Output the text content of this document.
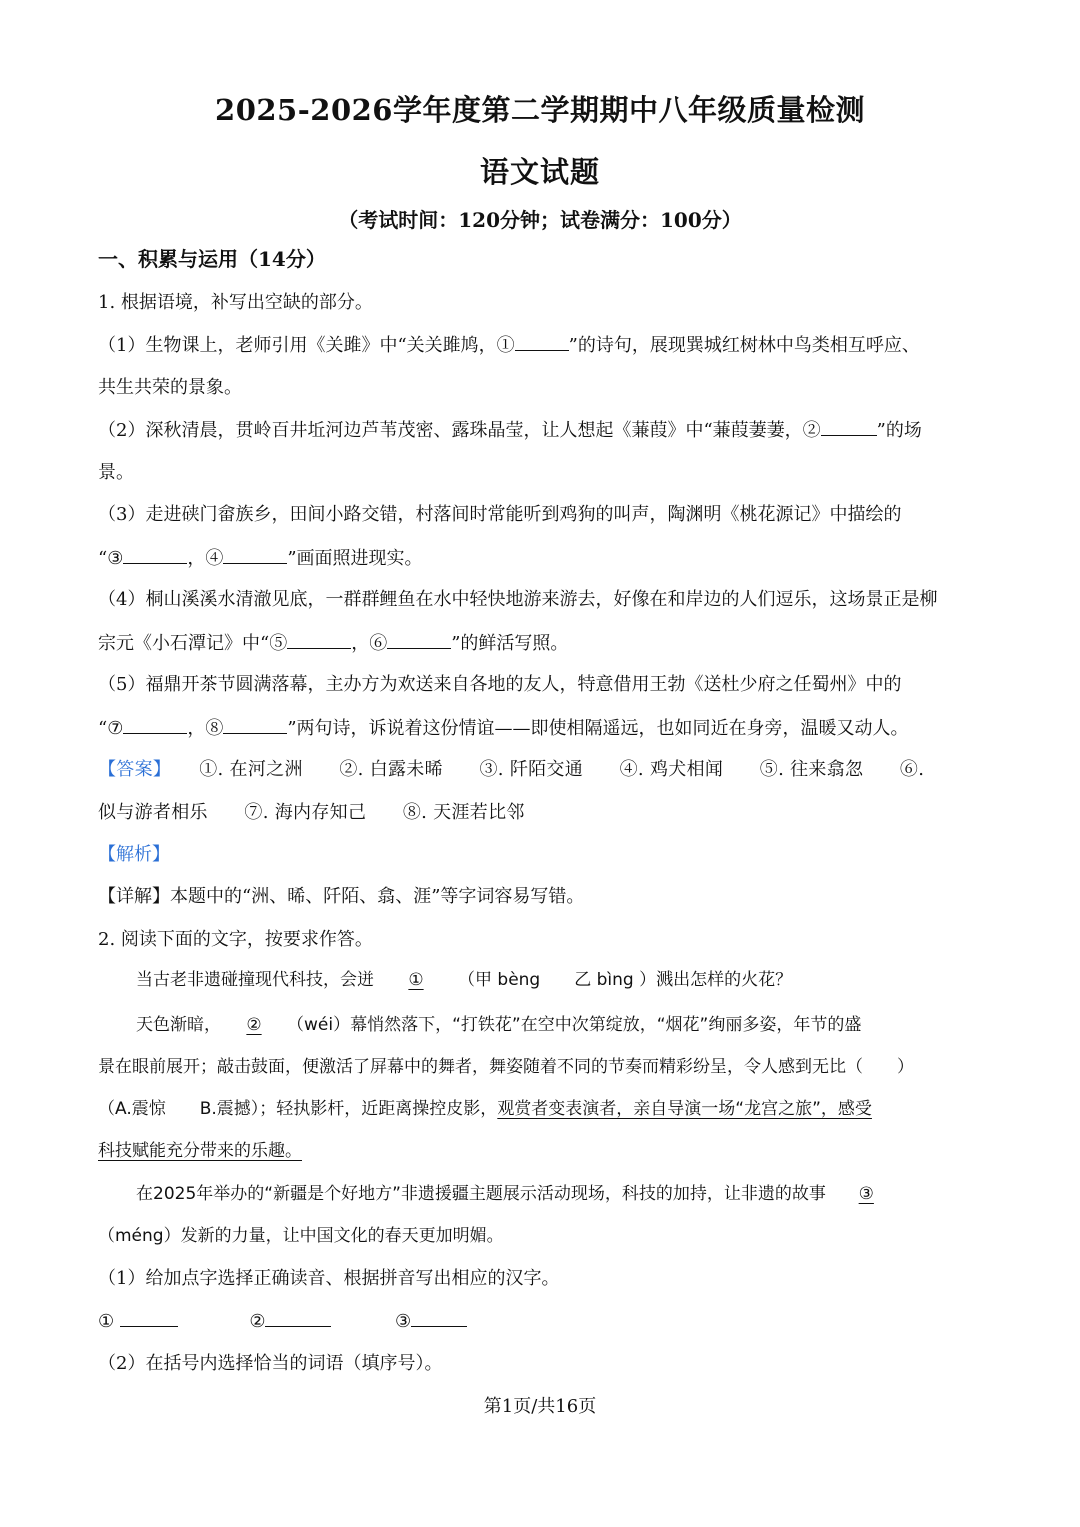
2025-2026学年度第二学期期中八年级质量检测
语文试题
（考试时间：120分钟；试卷满分：100分）
一、积累与运用（14分）
1. 根据语境，补写出空缺的部分。
（1）生物课上，老师引用《关雎》中“关关雎鸠，①	”的诗句，展现巽城红树林中鸟类相互呼应、
共生共荣的景象。
（2）深秋清晨，贯岭百井坵河边芦苇茂密、露珠晶莹，让人想起《蒹葭》中“蒹葭萋萋，②	”的场
景。
（3）走进硖门畲族乡，田间小路交错，村落间时常能听到鸡狗的叫声，陶渊明《桃花源记》中描绘的
“③	，④	”画面照进现实。
（4）桐山溪溪水清澈见底，一群群鲤鱼在水中轻快地游来游去，好像在和岸边的人们逗乐，这场景正是柳
宗元《小石潭记》中“⑤	，⑥	”的鲜活写照。
（5）福鼎开茶节圆满落幕，主办方为欢送来自各地的友人，特意借用王勃《送杜少府之任蜀州》中的
“⑦	，⑧	”两句诗，诉说着这份情谊——即使相隔遥远，也如同近在身旁，温暖又动人。
【答案】 ①. 在河之洲　　②. 白露未晞　　③. 阡陌交通　　④. 鸡犬相闻　　⑤. 往来翕忽　　⑥.
似与游者相乐　　⑦. 海内存知己　　⑧. 天涯若比邻
【解析】
【详解】本题中的“洲、晞、阡陌、翕、涯”等字词容易写错。
2. 阅读下面的文字，按要求作答。
当古老非遗碰撞现代科技，会迸 ① （甲 bèng　　乙 bìng ）溅出怎样的火花？
天色渐暗， ② （wéi）幕悄然落下，“打铁花”在空中次第绽放，“烟花”绚丽多姿，年节的盛
景在眼前展开；敲击鼓面，便激活了屏幕中的舞者，舞姿随着不同的节奏而精彩纷呈，令人感到无比（　　）
（A.震惊　　B.震撼）；轻执影杆，近距离操控皮影，观赏者变表演者，亲自导演一场“龙宫之旅”，感受
科技赋能充分带来的乐趣。
在2025年举办的“新疆是个好地方”非遗援疆主题展示活动现场，科技的加持，让非遗的故事 ③
（méng）发新的力量，让中国文化的春天更加明媚。
（1）给加点字选择正确读音、根据拼音写出相应的汉字。
①	②	③
（2）在括号内选择恰当的词语（填序号）。
第1页/共16页
